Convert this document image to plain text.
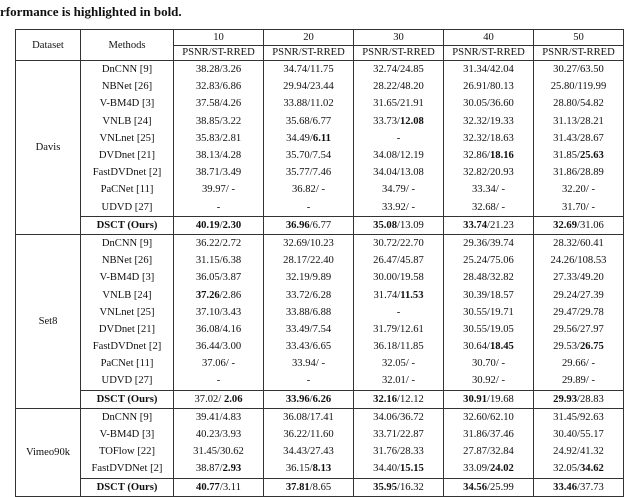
rformance is highlighted in bold.
Dataset	Methods	10	20	30	40	50
		PSNR/ST-RRED	PSNR/ST-RRED	PSNR/ST-RRED	PSNR/ST-RRED	PSNR/ST-RRED
Davis	DnCNN [9]	38.28/3.26	34.74/11.75	32.74/24.85	31.34/42.04	30.27/63.50
	NBNet [26]	32.83/6.86	29.94/23.44	28.22/48.20	26.91/80.13	25.80/119.99
	V-BM4D [3]	37.58/4.26	33.88/11.02	31.65/21.91	30.05/36.60	28.80/54.82
	VNLB [24]	38.85/3.22	35.68/6.77	33.73/12.08	32.32/19.33	31.13/28.21
	VNLnet [25]	35.83/2.81	34.49/6.11	-	32.32/18.63	31.43/28.67
	DVDnet [21]	38.13/4.28	35.70/7.54	34.08/12.19	32.86/18.16	31.85/25.63
	FastDVDnet [2]	38.71/3.49	35.77/7.46	34.04/13.08	32.82/20.93	31.86/28.89
	PaCNet [11]	39.97/ -	36.82/ -	34.79/ -	33.34/ -	32.20/ -
	UDVD [27]	-	-	33.92/ -	32.68/ -	31.70/ -
	DSCT (Ours)	40.19/2.30	36.96/6.77	35.08/13.09	33.74/21.23	32.69/31.06
Set8	DnCNN [9]	36.22/2.72	32.69/10.23	30.72/22.70	29.36/39.74	28.32/60.41
	NBNet [26]	31.15/6.38	28.17/22.40	26.47/45.87	25.24/75.06	24.26/108.53
	V-BM4D [3]	36.05/3.87	32.19/9.89	30.00/19.58	28.48/32.82	27.33/49.20
	VNLB [24]	37.26/2.86	33.72/6.28	31.74/11.53	30.39/18.57	29.24/27.39
	VNLnet [25]	37.10/3.43	33.88/6.88	-	30.55/19.71	29.47/29.78
	DVDnet [21]	36.08/4.16	33.49/7.54	31.79/12.61	30.55/19.05	29.56/27.97
	FastDVDnet [2]	36.44/3.00	33.43/6.65	36.18/11.85	30.64/18.45	29.53/26.75
	PaCNet [11]	37.06/ -	33.94/ -	32.05/ -	30.70/ -	29.66/ -
	UDVD [27]	-	-	32.01/ -	30.92/ -	29.89/ -
	DSCT (Ours)	37.02/ 2.06	33.96/6.26	32.16/12.12	30.91/19.68	29.93/28.83
Vimeo90k	DnCNN [9]	39.41/4.83	36.08/17.41	34.06/36.72	32.60/62.10	31.45/92.63
	V-BM4D [3]	40.23/3.93	36.22/11.60	33.71/22.87	31.86/37.46	30.40/55.17
	TOFlow [22]	31.45/30.62	34.43/27.43	31.76/28.33	27.87/32.84	24.92/41.32
	FastDVDNet [2]	38.87/2.93	36.15/8.13	34.40/15.15	33.09/24.02	32.05/34.62
	DSCT (Ours)	40.77/3.11	37.81/8.65	35.95/16.32	34.56/25.99	33.46/37.73
